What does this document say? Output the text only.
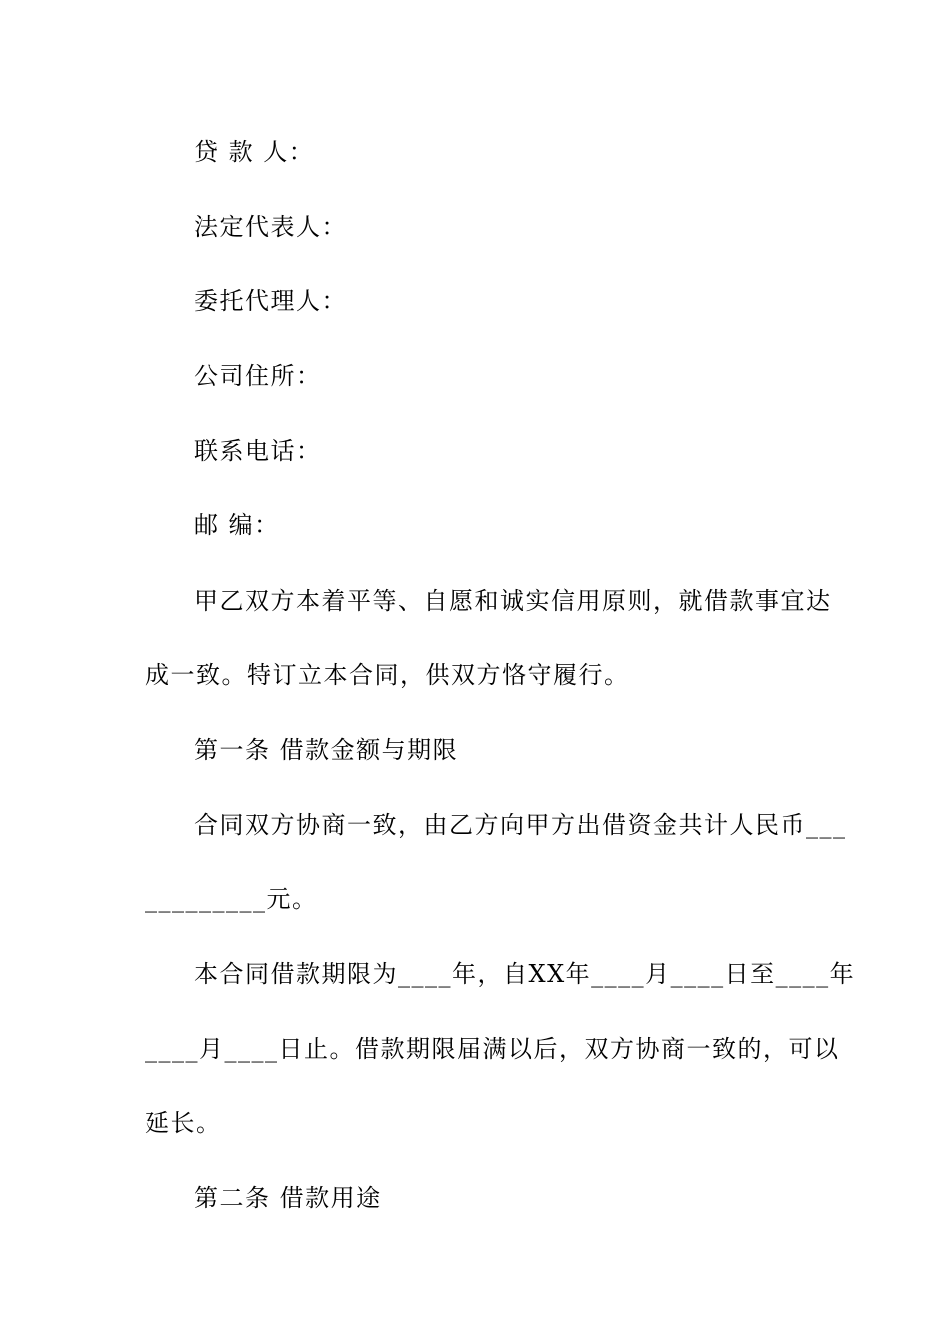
贷 款 人：
法定代表人：
委托代理人：
公司住所：
联系电话：
邮 编：
甲乙双方本着平等、自愿和诚实信用原则，就借款事宜达
成一致。特订立本合同，供双方恪守履行。
第一条 借款金额与期限
合同双方协商一致，由乙方向甲方出借资金共计人民币___
_________元。
本合同借款期限为____年，自XX年____月____日至____年
____月____日止。借款期限届满以后，双方协商一致的，可以
延长。
第二条 借款用途
